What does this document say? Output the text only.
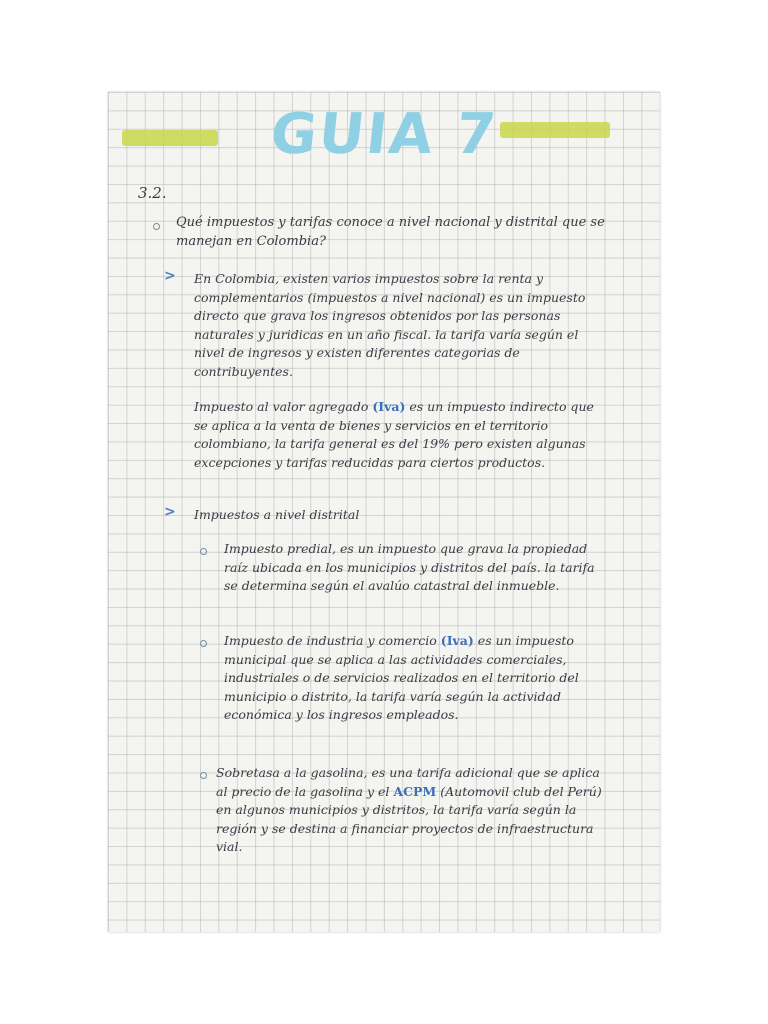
GUIA 7
3.2.
Qué impuestos y tarifas conoce a nivel nacional y distrital que se manejan en Colombia?
> En Colombia, existen varios impuestos sobre la renta y complementarios (impuestos a nivel nacional) es un impuesto directo que grava los ingresos obtenidos por las personas naturales y juridicas en un año fiscal. la tarifa varía según el nivel de ingresos y existen diferentes categorias de contribuyentes.
Impuesto al valor agregado (Iva) es un impuesto indirecto que se aplica a la venta de bienes y servicios en el territorio colombiano, la tarifa general es del 19% pero existen algunas excepciones y tarifas reducidas para ciertos productos.
> Impuestos a nivel distrital
Impuesto predial, es un impuesto que grava la propiedad raíz ubicada en los municipios y distritos del país. la tarifa se determina según el avalúo catastral del inmueble.
Impuesto de industria y comercio (Iva) es un impuesto municipal que se aplica a las actividades comerciales, industriales o de servicios realizados en el territorio del municipio o distrito, la tarifa varía según la actividad económica y los ingresos empleados.
Sobretasa a la gasolina, es una tarifa adicional que se aplica al precio de la gasolina y el ACPM (Automovil club del Perú) en algunos municipios y distritos, la tarifa varía según la región y se destina a financiar proyectos de infraestructura vial.
